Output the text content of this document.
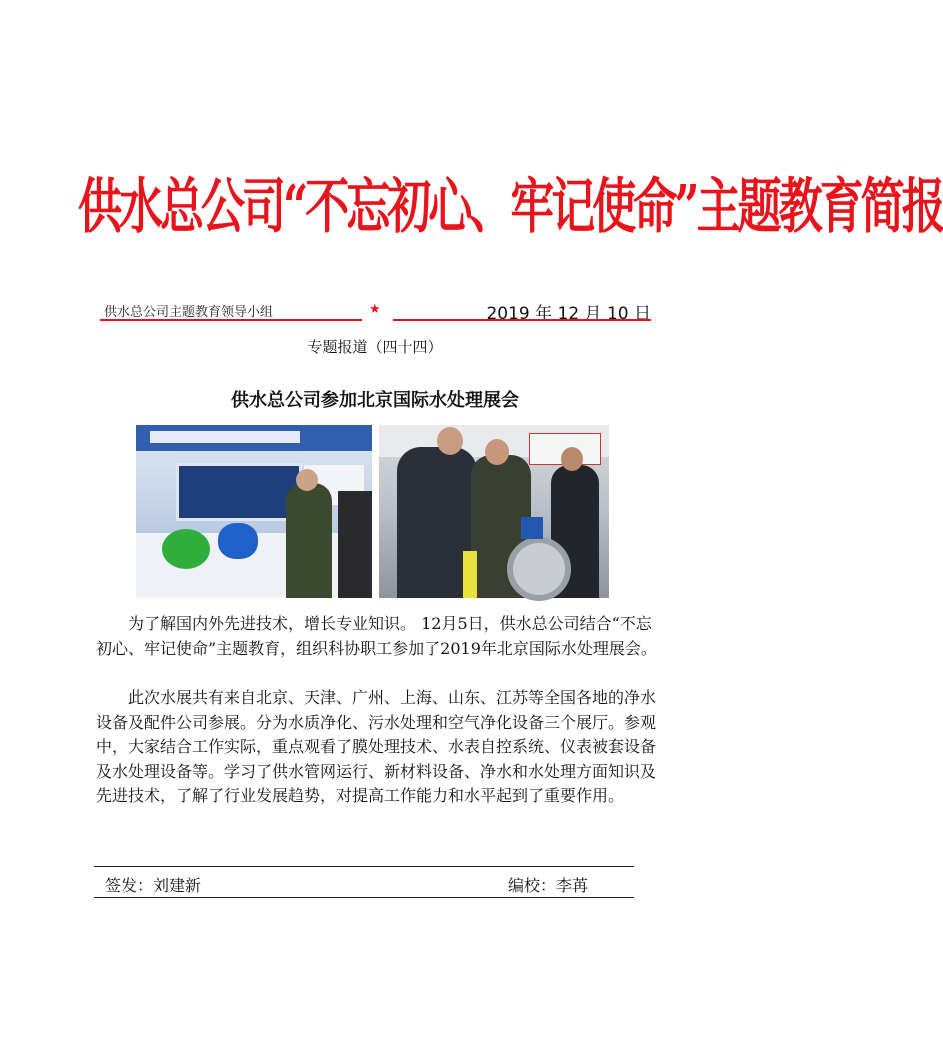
供水总公司“不忘初心、牢记使命”主题教育简报
供水总公司主题教育领导小组	★	2019 年 12 月 10 日
专题报道（四十四）
供水总公司参加北京国际水处理展会

为了解国内外先进技术，增长专业知识。 12月5日，供水总公司结合“不忘初心、牢记使命”主题教育，组织科协职工参加了2019年北京国际水处理展会。

此次水展共有来自北京、天津、广州、上海、山东、江苏等全国各地的净水设备及配件公司参展。分为水质净化、污水处理和空气净化设备三个展厅。参观中，大家结合工作实际，重点观看了膜处理技术、水表自控系统、仪表被套设备及水处理设备等。学习了供水管网运行、新材料设备、净水和水处理方面知识及先进技术，了解了行业发展趋势，对提高工作能力和水平起到了重要作用。

签发：刘建新	编校：李苒
